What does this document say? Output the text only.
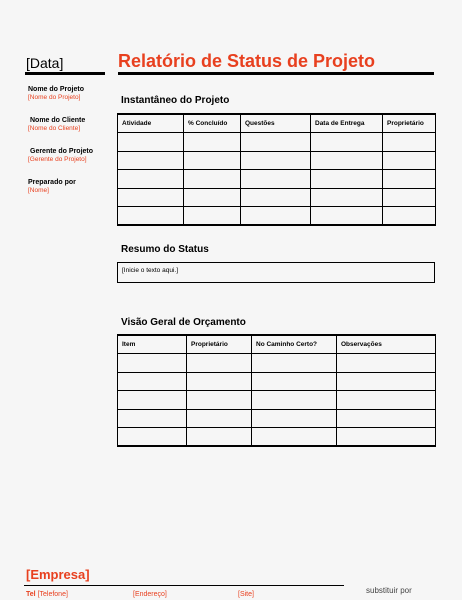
[Data]	Relatório de Status de Projeto
Nome do Projeto
[Nome do Projeto]
Nome do Cliente
[Nome do Cliente]
Gerente do Projeto
[Gerente do Projeto]
Preparado por
[Nome]
Instantâneo do Projeto
Atividade	% Concluído	Questões	Data de Entrega	Proprietário

Resumo do Status
[Inicie o texto aqui.]
Visão Geral de Orçamento
Item	Proprietário	No Caminho Certo?	Observações

[Empresa]
Tel [Telefone]	[Endereço]	[Site]	substituir por
